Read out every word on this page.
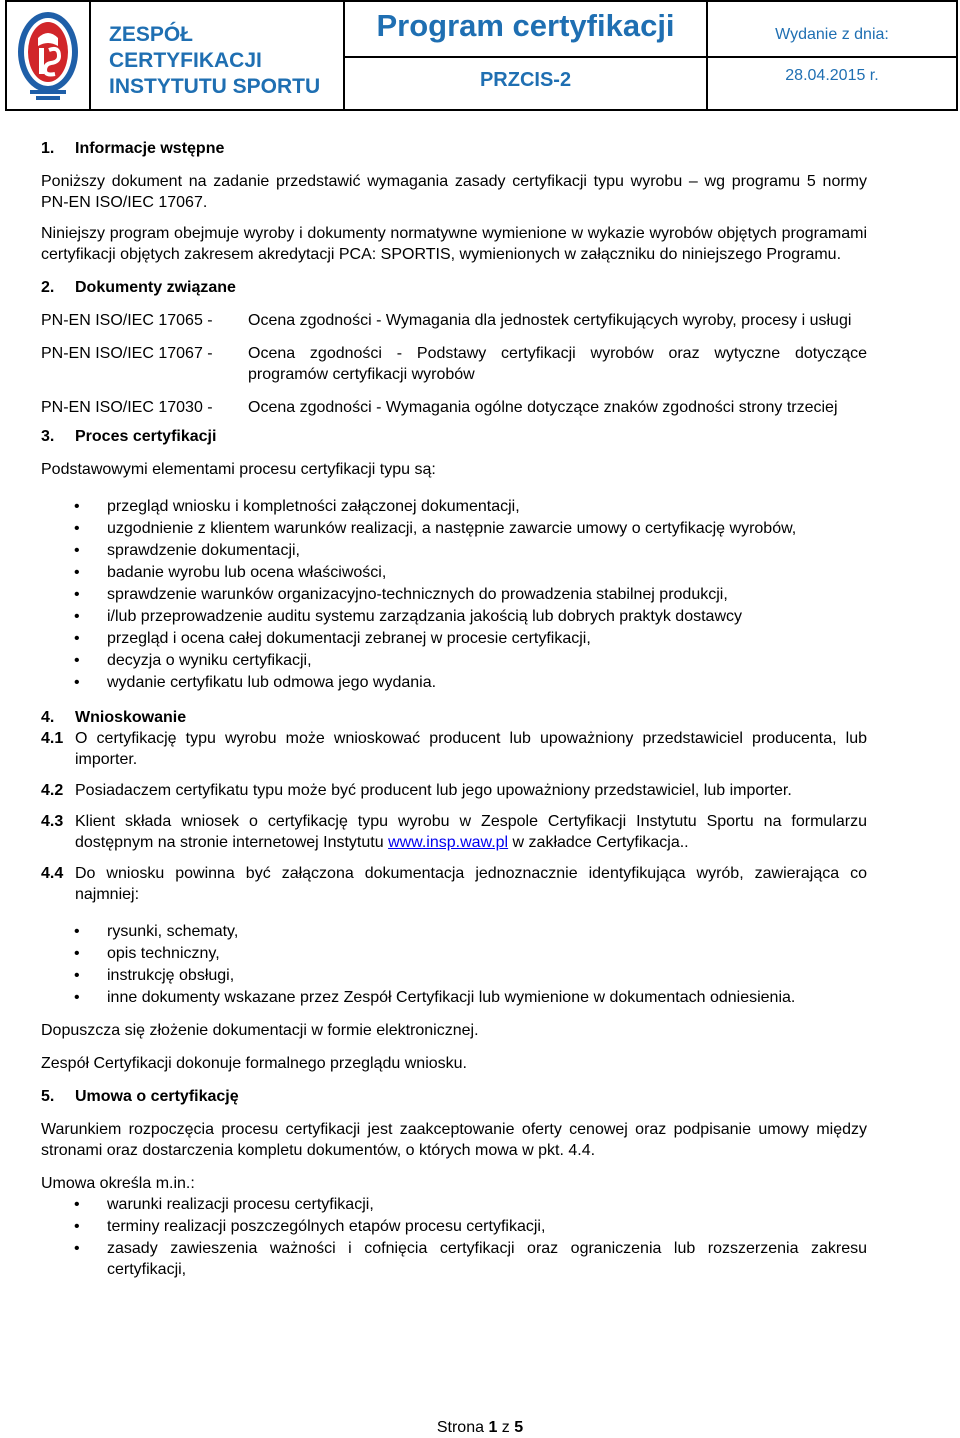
ZESPÓŁ
CERTYFIKACJI
INSTYTUTU SPORTU

Program certyfikacji

PRZCIS-2

Wydanie z dnia:

28.04.2015 r.

1. Informacje wstępne

Poniższy dokument na zadanie przedstawić wymagania zasady certyfikacji typu wyrobu – wg programu 5 normy PN-EN ISO/IEC 17067.

Niniejszy program obejmuje wyroby i dokumenty normatywne wymienione w wykazie wyrobów objętych programami certyfikacji objętych zakresem akredytacji PCA: SPORTIS, wymienionych w załączniku do niniejszego Programu.

2. Dokumenty związane

PN-EN ISO/IEC 17065 -	Ocena zgodności - Wymagania dla jednostek certyfikujących wyroby, procesy i usługi
PN-EN ISO/IEC 17067 -	Ocena zgodności - Podstawy certyfikacji wyrobów oraz wytyczne dotyczące programów certyfikacji wyrobów
PN-EN ISO/IEC 17030 -	Ocena zgodności - Wymagania ogólne dotyczące znaków zgodności strony trzeciej

3. Proces certyfikacji

Podstawowymi elementami procesu certyfikacji typu są:

• przegląd wniosku i kompletności załączonej dokumentacji,
• uzgodnienie z klientem warunków realizacji, a następnie zawarcie umowy o certyfikację wyrobów,
• sprawdzenie dokumentacji,
• badanie wyrobu lub ocena właściwości,
• sprawdzenie warunków organizacyjno-technicznych do prowadzenia stabilnej produkcji,
• i/lub przeprowadzenie auditu systemu zarządzania jakością lub dobrych praktyk dostawcy
• przegląd i ocena całej dokumentacji zebranej w procesie certyfikacji,
• decyzja o wyniku certyfikacji,
• wydanie certyfikatu lub odmowa jego wydania.

4. Wnioskowanie

4.1 O certyfikację typu wyrobu może wnioskować producent lub upoważniony przedstawiciel producenta, lub importer.
4.2 Posiadaczem certyfikatu typu może być producent lub jego upoważniony przedstawiciel, lub importer.
4.3 Klient składa wniosek o certyfikację typu wyrobu w Zespole Certyfikacji Instytutu Sportu na formularzu dostępnym na stronie internetowej Instytutu www.insp.waw.pl w zakładce Certyfikacja..
4.4 Do wniosku powinna być załączona dokumentacja jednoznacznie identyfikująca wyrób, zawierająca co najmniej:
• rysunki, schematy,
• opis techniczny,
• instrukcję obsługi,
• inne dokumenty wskazane przez Zespół Certyfikacji lub wymienione w dokumentach odniesienia.

Dopuszcza się złożenie dokumentacji w formie elektronicznej.

Zespół Certyfikacji dokonuje formalnego przeglądu wniosku.

5. Umowa o certyfikację

Warunkiem rozpoczęcia procesu certyfikacji jest zaakceptowanie oferty cenowej oraz podpisanie umowy między stronami oraz dostarczenia kompletu dokumentów, o których mowa w pkt. 4.4.

Umowa określa m.in.:

• warunki realizacji procesu certyfikacji,
• terminy realizacji poszczególnych etapów procesu certyfikacji,
• zasady zawieszenia ważności i cofnięcia certyfikacji oraz ograniczenia lub rozszerzenia zakresu certyfikacji,

Strona 1 z 5
